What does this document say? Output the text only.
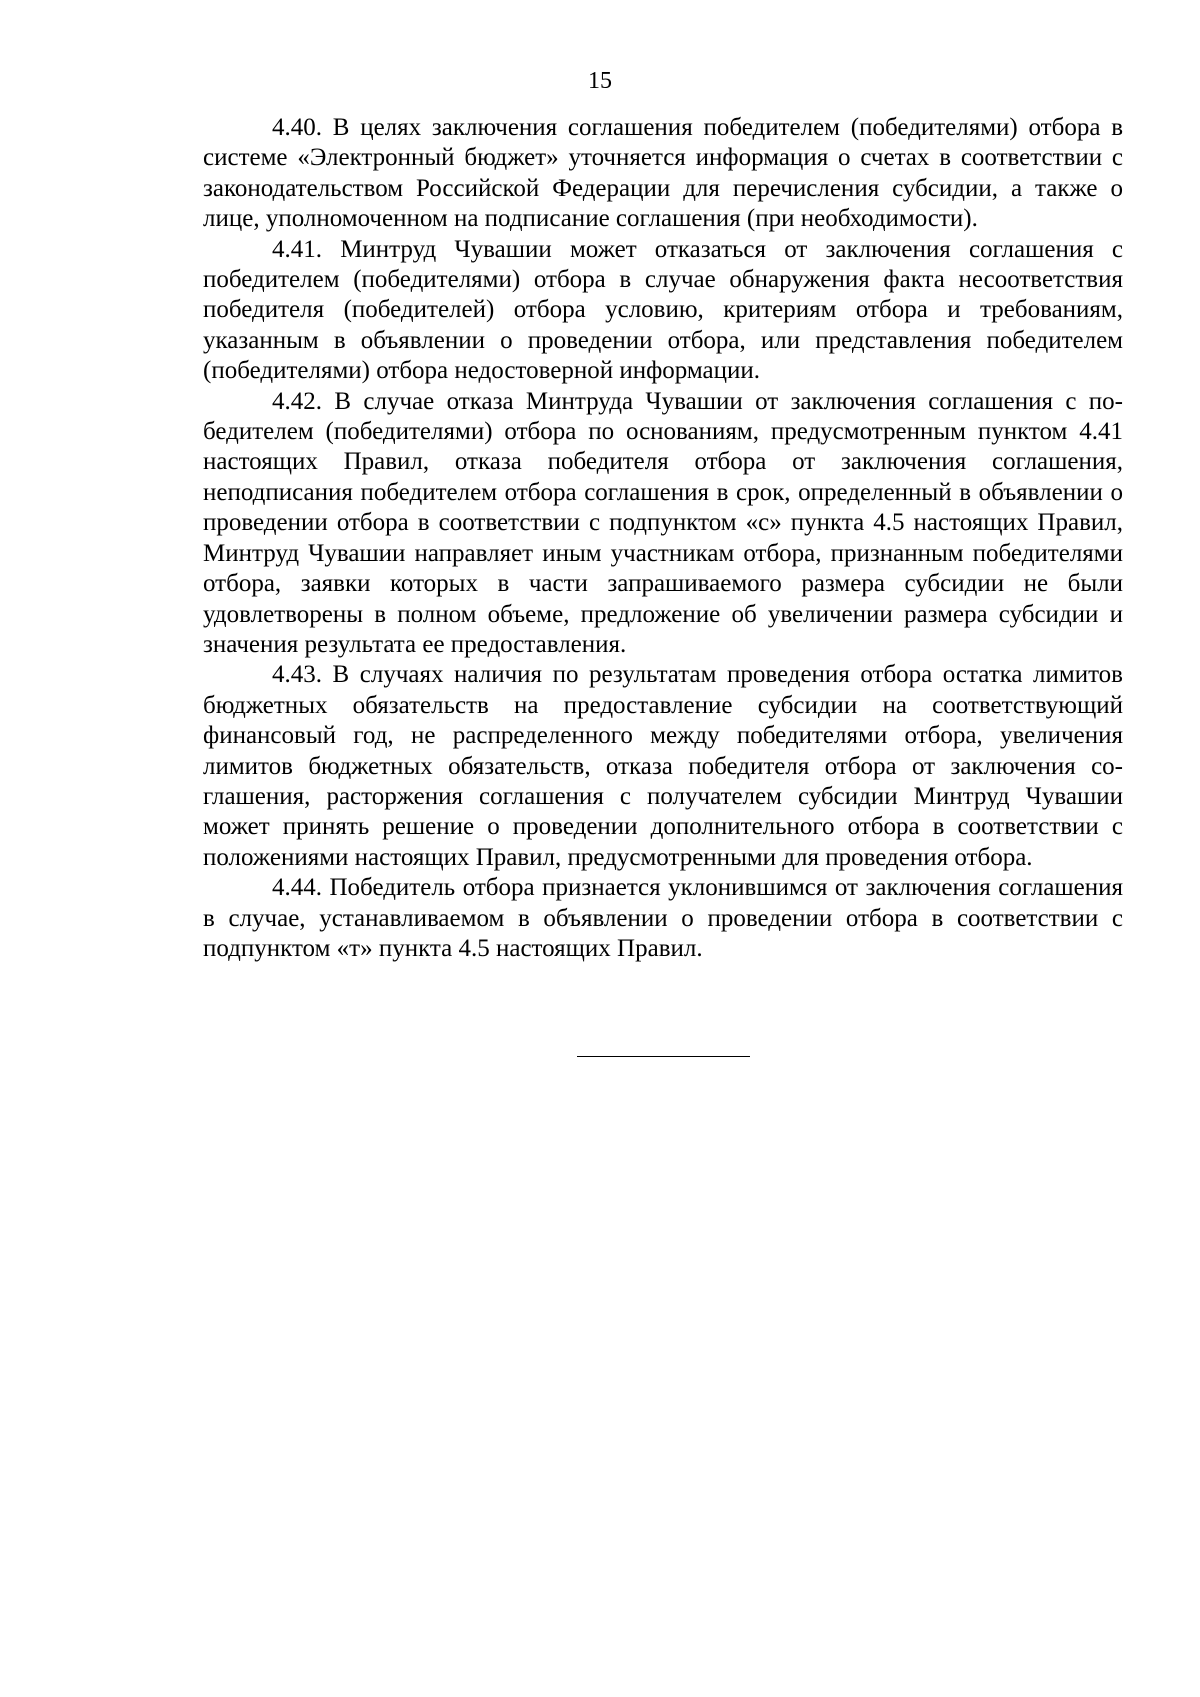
15

4.40. В целях заключения соглашения победителем (победителями) отбора в системе «Электронный бюджет» уточняется информация о счетах в соответствии с законодательством Российской Федерации для перечисления субсидии, а также о лице, уполномоченном на подписание соглашения (при необходимости).

4.41. Минтруд Чувашии может отказаться от заключения соглашения с победителем (победителями) отбора в случае обнаружения факта несоответствия победителя (победителей) отбора условию, критериям отбора и требованиям, указанным в объявлении о проведении отбора, или представления победителем (победителями) отбора недостоверной информации.

4.42. В случае отказа Минтруда Чувашии от заключения соглашения с победителем (победителями) отбора по основаниям, предусмотренным пунктом 4.41 настоящих Правил, отказа победителя отбора от заключения соглашения, неподписания победителем отбора соглашения в срок, определенный в объявлении о проведении отбора в соответствии с подпунктом «с» пункта 4.5 настоящих Правил, Минтруд Чувашии направляет иным участникам отбора, признанным победителями отбора, заявки которых в части запрашиваемого размера субсидии не были удовлетворены в полном объеме, предложение об увеличении размера субсидии и значения результата ее предоставления.

4.43. В случаях наличия по результатам проведения отбора остатка лимитов бюджетных обязательств на предоставление субсидии на соответствующий финансовый год, не распределенного между победителями отбора, увеличения лимитов бюджетных обязательств, отказа победителя отбора от заключения соглашения, расторжения соглашения с получателем субсидии Минтруд Чувашии может принять решение о проведении дополнительного отбора в соответствии с положениями настоящих Правил, предусмотренными для проведения отбора.

4.44. Победитель отбора признается уклонившимся от заключения соглашения в случае, устанавливаемом в объявлении о проведении отбора в соответствии с подпунктом «т» пункта 4.5 настоящих Правил.
